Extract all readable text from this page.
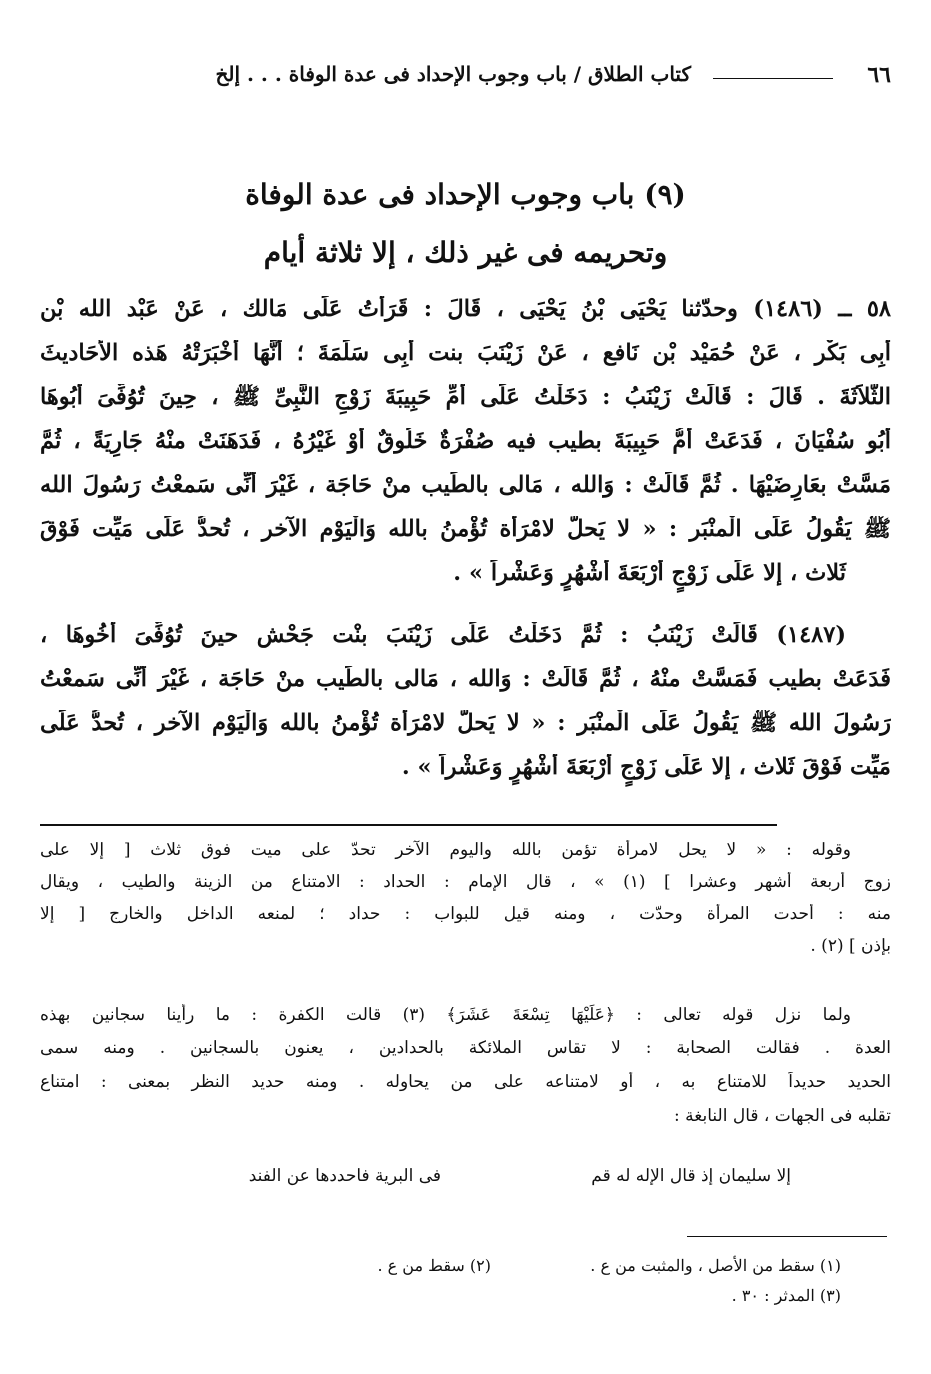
٦٦
كتاب الطلاق / باب وجوب الإحداد فى عدة الوفاة . . . إلخ
(٩) باب وجوب الإحداد فى عدة الوفاة
وتحريمه فى غير ذلك ، إلا ثلاثة أيام
٥٨ ــ (١٤٨٦) وحدّثنا يَحْيَى بْنُ يَحْيَى ، قَالَ : قَرَأتُ عَلَى مَالك ، عَنْ عَبْد الله بْن
أَبِى بَكْر ، عَنْ حُمَيْد بْن نَافع ، عَنْ زَيْنَبَ بنت أَبِى سَلَمَةَ ؛ أَنَّهَا أَخْبَرَتْهُ هَذه الأَحَاديثَ
الثَّلاَثَةَ . قَالَ : قَالَتْ زَيْنَبُ : دَخَلْتُ عَلَى أُمِّ حَبِيبَةَ زَوْجِ النَّبِىِّ ﷺ ، حِينَ تُوُفِّىَ أَبُوهَا
أَبُو سُفْيَانَ ، فَدَعَتْ أُمُّ حَبِيبَةَ بطيب فيه صُفْرَةٌ خَلُوقٌ أَوْ غَيْرُهُ ، فَدَهَنَتْ منْهُ جَارِيَةً ، ثُمَّ
مَسَّتْ بعَارِضَيْهَا . ثُمَّ قَالَتْ : وَالله ، مَالى بالطِّيب منْ حَاجَة ، غَيْرَ أَنِّى سَمعْتُ رَسُولَ الله
ﷺ يَقُولُ عَلَى الْمنْبَر : « لا يَحلُّ لامْرَأَة تُؤْمنُ بالله وَالْيَوْم الآخر ، تُحدُّ عَلَى مَيِّت فَوْقَ
ثَلاث ، إلا عَلَى زَوْجٍ أَرْبَعَةَ أَشْهُرٍ وَعَشْراً » .
(١٤٨٧) قَالَتْ زَيْنَبُ : ثُمَّ دَخَلْتُ عَلَى زَيْنَبَ بنْت جَحْش حينَ تُوُفِّىَ أَخُوهَا ،
فَدَعَتْ بطيب فَمَسَّتْ منْهُ ، ثُمَّ قَالَتْ : وَالله ، مَالى بالطِّيب منْ حَاجَة ، غَيْرَ أَنِّى سَمعْتُ
رَسُولَ الله ﷺ يَقُولُ عَلَى الْمنْبَر : « لا يَحلُّ لامْرَأَة تُؤْمنُ بالله وَالْيَوْم الآخر ، تُحدُّ عَلَى
مَيِّت فَوْقَ ثَلاث ، إلا عَلَى زَوْجٍ أَرْبَعَةَ أَشْهُرٍ وَعَشْراً » .
وقوله : « لا يحل لامرأة تؤمن بالله واليوم الآخر تحدّ على ميت فوق ثلاث [ إلا على
زوج أربعة أشهر وعشرا ] (١) » ، قال الإمام : الحداد : الامتناع من الزينة والطيب ، ويقال
منه : أحدت المرأة وحدّت ، ومنه قيل للبواب : حداد ؛ لمنعه الداخل والخارج [ إلا
بإذن ] (٢) .
ولما نزل قوله تعالى : ﴿عَلَيْهَا تِسْعَةَ عَشَرَ﴾ (٣) قالت الكفرة : ما رأينا سجانين بهذه
العدة . فقالت الصحابة : لا تقاس الملائكة بالحدادين ، يعنون بالسجانين . ومنه سمى
الحديد حديداً للامتناع به ، أو لامتناعه على من يحاوله . ومنه حديد النظر بمعنى : امتناع
تقلبه فى الجهات ، قال النابغة :
إلا سليمان إذ قال الإله له قم
فى البرية فاحددها عن الفند
(١) سقط من الأصل ، والمثبت من ع .
(٢) سقط من ع .
(٣) المدثر : ٣٠ .
